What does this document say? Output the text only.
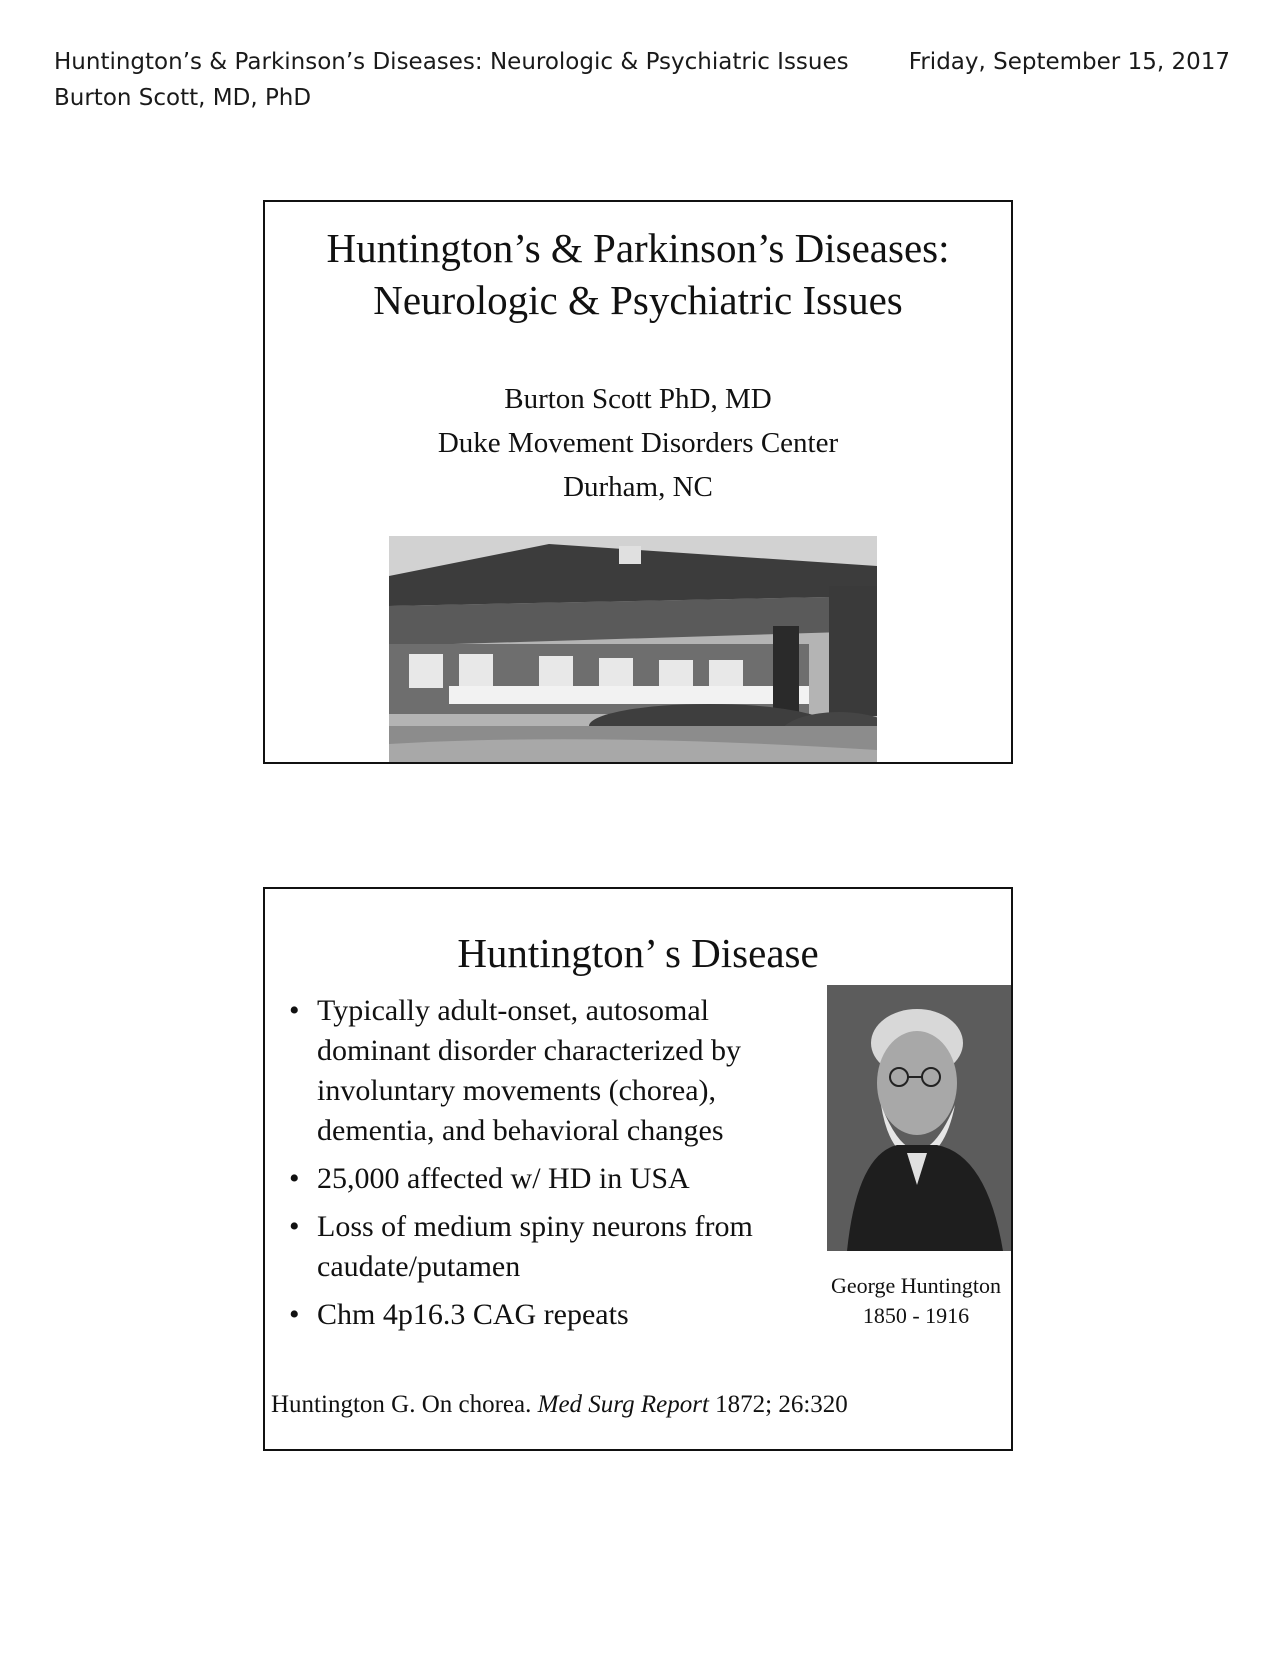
Huntington’s & Parkinson’s Diseases: Neurologic & Psychiatric Issues	Friday, September 15, 2017
Burton Scott, MD, PhD
Huntington’s & Parkinson’s Diseases:
Neurologic & Psychiatric Issues
Burton Scott PhD, MD
Duke Movement Disorders Center
Durham, NC
Huntington’ s Disease
• Typically adult-onset, autosomal dominant disorder characterized by involuntary movements (chorea), dementia, and behavioral changes
• 25,000 affected w/ HD in USA
• Loss of medium spiny neurons from caudate/putamen
• Chm 4p16.3 CAG repeats
George Huntington
1850 - 1916
Huntington G. On chorea. Med Surg Report 1872; 26:320
